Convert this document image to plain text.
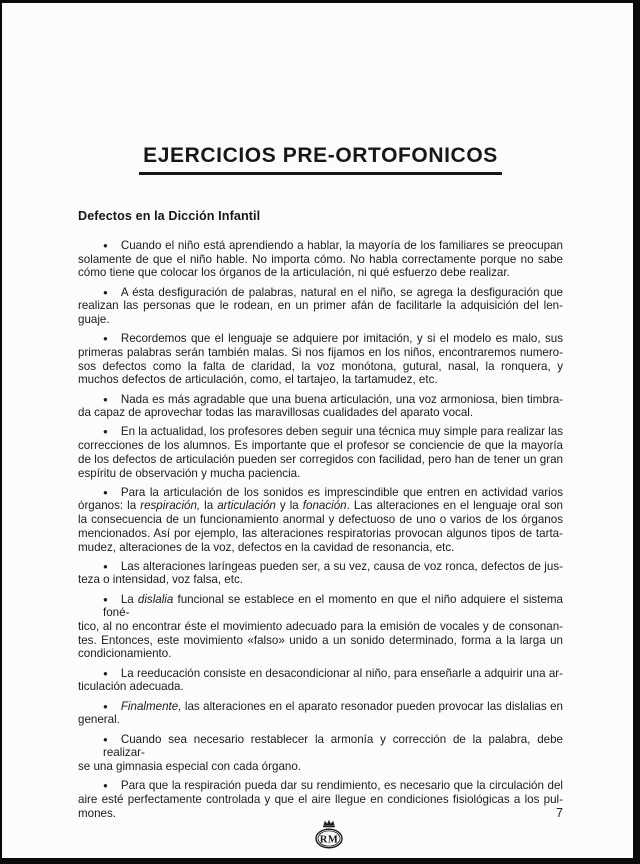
EJERCICIOS PRE-ORTOFONICOS
Defectos en la Dicción Infantil
● Cuando el niño está aprendiendo a hablar, la mayoría de los familiares se preocupan
solamente de que el niño hable. No importa cómo. No habla correctamente porque no sabe
cómo tiene que colocar los órganos de la articulación, ni qué esfuerzo debe realizar.
● A ésta desfiguración de palabras, natural en el niño, se agrega la desfiguración que
realizan las personas que le rodean, en un primer afán de facilitarle la adquisición del len-
guaje.
● Recordemos que el lenguaje se adquiere por imitación, y si el modelo es malo, sus
primeras palabras serán también malas. Si nos fijamos en los niños, encontraremos numero-
sos defectos como la falta de claridad, la voz monótona, gutural, nasal, la ronquera, y
muchos defectos de articulación, como, el tartajeo, la tartamudez, etc.
● Nada es más agradable que una buena articulación, una voz armoniosa, bien timbra-
da capaz de aprovechar todas las maravillosas cualidades del aparato vocal.
● En la actualidad, los profesores deben seguir una técnica muy simple para realizar las
correcciones de los alumnos. Es importante que el profesor se conciencie de que la mayoría
de los defectos de articulación pueden ser corregidos con facilidad, pero han de tener un gran
espíritu de observación y mucha paciencia.
● Para la articulación de los sonidos es imprescindible que entren en actividad varios
órganos: la respiración, la articulación y la fonación. Las alteraciones en el lenguaje oral son
la consecuencia de un funcionamiento anormal y defectuoso de uno o varios de los órganos
mencionados. Así por ejemplo, las alteraciones respiratorias provocan algunos tipos de tarta-
mudez, alteraciones de la voz, defectos en la cavidad de resonancia, etc.
● Las alteraciones laríngeas pueden ser, a su vez, causa de voz ronca, defectos de jus-
teza o intensidad, voz falsa, etc.
● La dislalia funcional se establece en el momento en que el niño adquiere el sistema foné-
tico, al no encontrar éste el movimiento adecuado para la emisión de vocales y de consonan-
tes. Entonces, este movimiento «falso» unido a un sonido determinado, forma a la larga un
condicionamiento.
● La reeducación consiste en desacondicionar al niño, para enseñarle a adquirir una ar-
ticulación adecuada.
● Finalmente, las alteraciones en el aparato resonador pueden provocar las dislalias en
general.
● Cuando sea necesario restablecer la armonía y corrección de la palabra, debe realizar-
se una gimnasia especial con cada órgano.
● Para que la respiración pueda dar su rendimiento, es necesario que la circulación del
aire esté perfectamente controlada y que el aire llegue en condiciones fisiológicas a los pul-
mones.
RM
7
